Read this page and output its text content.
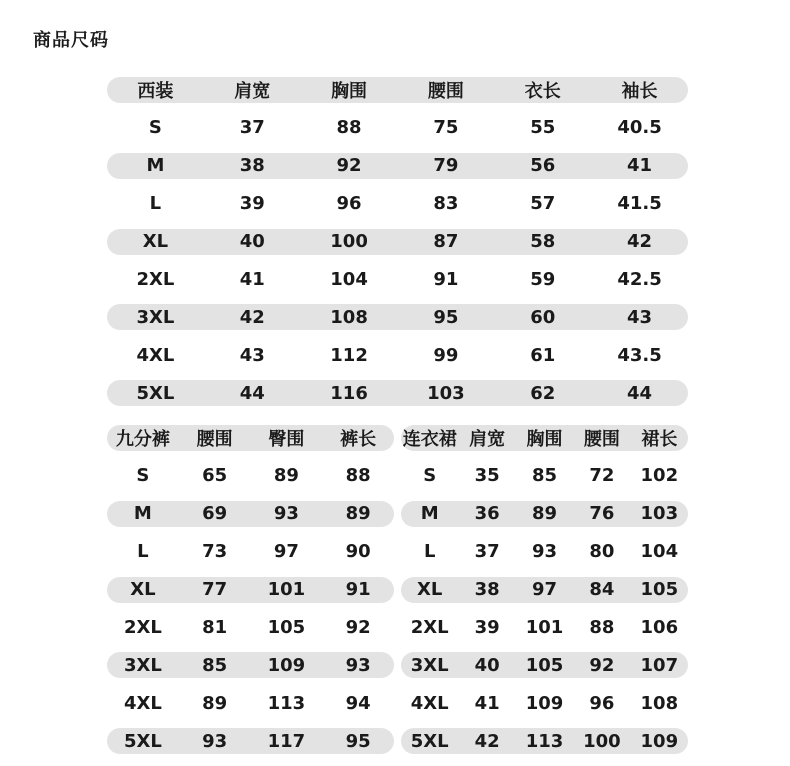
商品尺码
西装	肩宽	胸围	腰围	衣长	袖长
S	37	88	75	55	40.5
M	38	92	79	56	41
L	39	96	83	57	41.5
XL	40	100	87	58	42
2XL	41	104	91	59	42.5
3XL	42	108	95	60	43
4XL	43	112	99	61	43.5
5XL	44	116	103	62	44
九分裤	腰围	臀围	裤长
S	65	89	88
M	69	93	89
L	73	97	90
XL	77	101	91
2XL	81	105	92
3XL	85	109	93
4XL	89	113	94
5XL	93	117	95
连衣裙 肩宽	胸围	腰围	裙长
S	35	85	72	102
M	36	89	76	103
L	37	93	80	104
XL	38	97	84	105
2XL	39	101	88	106
3XL	40	105	92	107
4XL	41	109	96	108
5XL	42	113	100	109
